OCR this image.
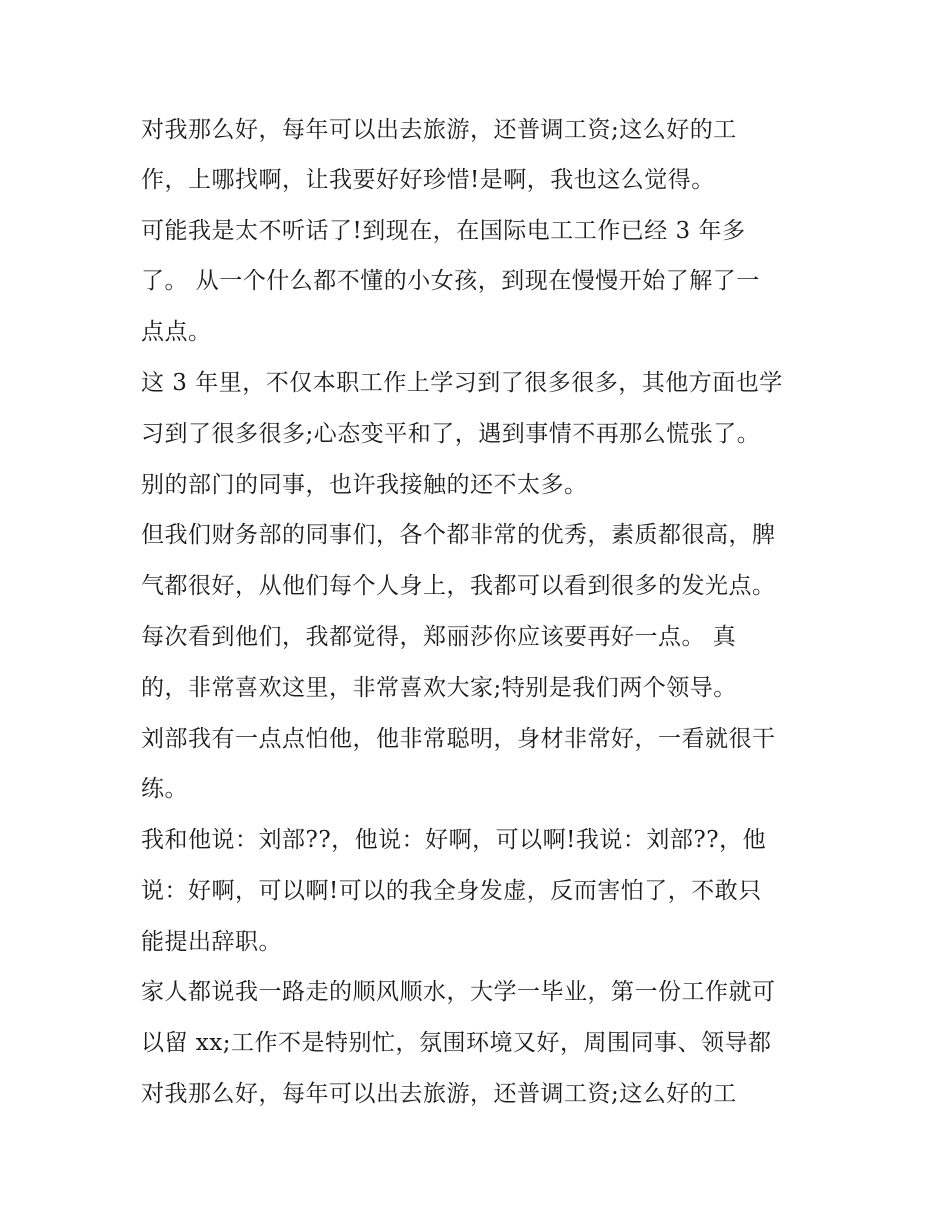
对我那么好，每年可以出去旅游，还普调工资;这么好的工

作，上哪找啊，让我要好好珍惜!是啊，我也这么觉得。

可能我是太不听话了!到现在，在国际电工工作已经 3 年多

了。 从一个什么都不懂的小女孩，到现在慢慢开始了解了一

点点。

这 3 年里，不仅本职工作上学习到了很多很多，其他方面也学

习到了很多很多;心态变平和了，遇到事情不再那么慌张了。

别的部门的同事，也许我接触的还不太多。

但我们财务部的同事们，各个都非常的优秀，素质都很高，脾

气都很好，从他们每个人身上，我都可以看到很多的发光点。

每次看到他们，我都觉得，郑丽莎你应该要再好一点。 真

的，非常喜欢这里，非常喜欢大家;特别是我们两个领导。

刘部我有一点点怕他，他非常聪明，身材非常好，一看就很干

练。

我和他说：刘部??，他说：好啊，可以啊!我说：刘部??，他

说：好啊，可以啊!可以的我全身发虚，反而害怕了，不敢只

能提出辞职。

家人都说我一路走的顺风顺水，大学一毕业，第一份工作就可

以留 xx;工作不是特别忙，氛围环境又好，周围同事、领导都

对我那么好，每年可以出去旅游，还普调工资;这么好的工
